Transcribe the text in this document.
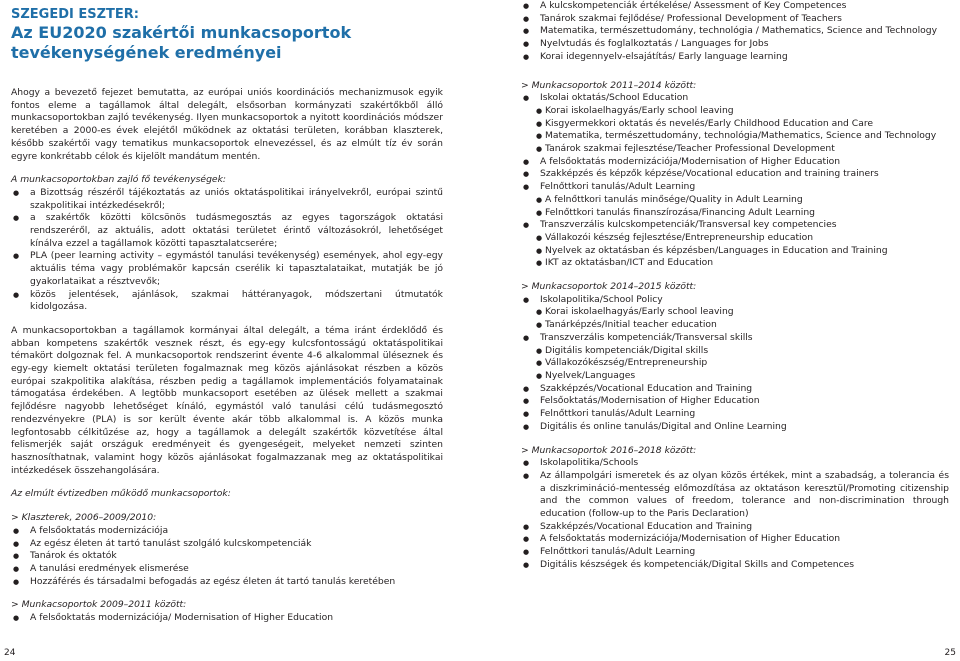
SZEGEDI ESZTER:
Az EU2020 szakértői munkacsoportok tevékenységének eredményei

Ahogy a bevezető fejezet bemutatta, az európai uniós koordinációs mechanizmusok egyik fontos eleme a tagállamok által delegált, elsősorban kormányzati szakértőkből álló munkacsoportokban zajló tevékenység. Ilyen munkacsoportok a nyitott koordinációs módszer keretében a 2000-es évek elejétől működnek az oktatási területen, korábban klaszterek, később szakértői vagy tematikus munkacsoportok elnevezéssel, és az elmúlt tíz év során egyre konkrétabb célok és kijelölt mandátum mentén.

A munkacsoportokban zajló fő tevékenységek:

● a Bizottság részéről tájékoztatás az uniós oktatáspolitikai irányelvekről, európai szintű szakpolitikai intézkedésekről;
● a szakértők közötti kölcsönös tudásmegosztás az egyes tagországok oktatási rendszeréről, az aktuális, adott oktatási területet érintő változásokról, lehetőséget kínálva ezzel a tagállamok közötti tapasztalatcserére;
● PLA (peer learning activity – egymástól tanulási tevékenység) események, ahol egy-egy aktuális téma vagy problémakör kapcsán cserélik ki tapasztalataikat, mutatják be jó gyakorlataikat a résztvevők;
● közös jelentések, ajánlások, szakmai háttéranyagok, módszertani útmutatók kidolgozása.

A munkacsoportokban a tagállamok kormányai által delegált, a téma iránt érdeklődő és abban kompetens szakértők vesznek részt, és egy-egy kulcsfontosságú oktatáspolitikai témakört dolgoznak fel. A munkacsoportok rendszerint évente 4-6 alkalommal üléseznek és egy-egy kiemelt oktatási területen fogalmaznak meg közös ajánlásokat részben a közös európai szakpolitika alakítása, részben pedig a tagállamok implementációs folyamatainak támogatása érdekében. A legtöbb munkacsoport esetében az ülések mellett a szakmai fejlődésre nagyobb lehetőséget kínáló, egymástól való tanulási célú tudásmegosztó rendezvényekre (PLA) is sor került évente akár több alkalommal is. A közös munka legfontosabb célkitűzése az, hogy a tagállamok a delegált szakértők közvetítése által felismerjék saját országuk eredményeit és gyengeségeit, melyeket nemzeti szinten hasznosíthatnak, valamint hogy közös ajánlásokat fogalmazzanak meg az oktatáspolitikai intézkedések összehangolására.

Az elmúlt évtizedben működő munkacsoportok:

> Klaszterek, 2006–2009/2010:

● A felsőoktatás modernizációja
● Az egész életen át tartó tanulást szolgáló kulcskompetenciák
● Tanárok és oktatók
● A tanulási eredmények elismerése
● Hozzáférés és társadalmi befogadás az egész életen át tartó tanulás keretében

> Munkacsoportok 2009–2011 között:

● A felsőoktatás modernizációja/ Modernisation of Higher Education
24
● A kulcskompetenciák értékelése/ Assessment of Key Competences
● Tanárok szakmai fejlődése/ Professional Development of Teachers
● Matematika, természettudomány, technológia / Mathematics, Science and Technology
● Nyelvtudás és foglalkoztatás / Languages for Jobs
● Korai idegennyelv-elsajátítás/ Early language learning

> Munkacsoportok 2011–2014 között:

● Iskolai oktatás/School Education
● Korai iskolaelhagyás/Early school leaving
● Kisgyermekkori oktatás és nevelés/Early Childhood Education and Care
● Matematika, természettudomány, technológia/Mathematics, Science and Technology
● Tanárok szakmai fejlesztése/Teacher Professional Development
● A felsőoktatás modernizációja/Modernisation of Higher Education
● Szakképzés és képzők képzése/Vocational education and training trainers
● Felnőttkori tanulás/Adult Learning
● A felnőttkori tanulás minősége/Quality in Adult Learning
● Felnőttkori tanulás finanszírozása/Financing Adult Learning
● Transzverzális kulcskompetenciák/Transversal key competencies
● Vállakozói készség fejlesztése/Entrepreneurship education
● Nyelvek az oktatásban és képzésben/Languages in Education and Training
● IKT az oktatásban/ICT and Education

> Munkacsoportok 2014–2015 között:

● Iskolapolitika/School Policy
● Korai iskolaelhagyás/Early school leaving
● Tanárképzés/Initial teacher education
● Transzverzális kompetenciák/Transversal skills
● Digitális kompetenciák/Digital skills
● Vállakozókészség/Entrepreneurship
● Nyelvek/Languages
● Szakképzés/Vocational Education and Training
● Felsőoktatás/Modernisation of Higher Education
● Felnőttkori tanulás/Adult Learning
● Digitális és online tanulás/Digital and Online Learning

> Munkacsoportok 2016–2018 között:

● Iskolapolitika/Schools
● Az állampolgári ismeretek és az olyan közös értékek, mint a szabadság, a tolerancia és a diszkrimináció-mentesség előmozdítása az oktatáson keresztül/Promoting citizenship and the common values of freedom, tolerance and non-discrimination through education (follow-up to the Paris Declaration)
● Szakképzés/Vocational Education and Training
● A felsőoktatás modernizációja/Modernisation of Higher Education
● Felnőttkori tanulás/Adult Learning
● Digitális készségek és kompetenciák/Digital Skills and Competences
25
